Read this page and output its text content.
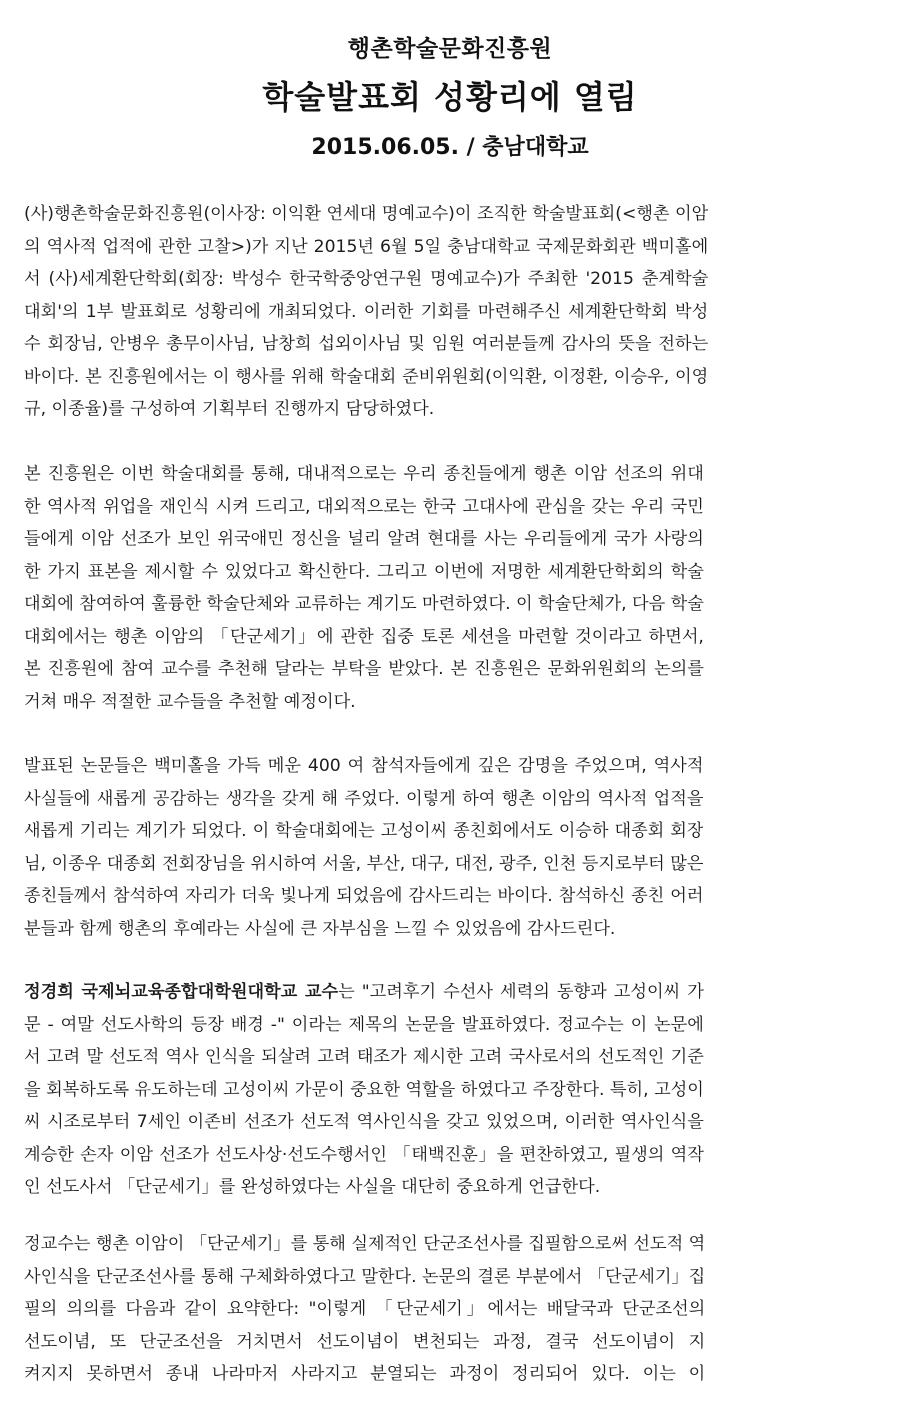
행촌학술문화진흥원
학술발표회 성황리에 열림
2015.06.05. / 충남대학교
(사)행촌학술문화진흥원(이사장: 이익환 연세대 명예교수)이 조직한 학술발표회(<행촌 이암
의 역사적 업적에 관한 고찰>)가 지난 2015년 6월 5일 충남대학교 국제문화회관 백미홀에
서 (사)세계환단학회(회장: 박성수 한국학중앙연구원 명예교수)가 주최한 '2015 춘계학술
대회'의 1부 발표회로 성황리에 개최되었다. 이러한 기회를 마련해주신 세계환단학회 박성
수 회장님, 안병우 총무이사님, 남창희 섭외이사님 및 임원 여러분들께 감사의 뜻을 전하는
바이다. 본 진흥원에서는 이 행사를 위해 학술대회 준비위원회(이익환, 이정환, 이승우, 이영
규, 이종율)를 구성하여 기획부터 진행까지 담당하였다.
본 진흥원은 이번 학술대회를 통해, 대내적으로는 우리 종친들에게 행촌 이암 선조의 위대
한 역사적 위업을 재인식 시켜 드리고, 대외적으로는 한국 고대사에 관심을 갖는 우리 국민
들에게 이암 선조가 보인 위국애민 정신을 널리 알려 현대를 사는 우리들에게 국가 사랑의
한 가지 표본을 제시할 수 있었다고 확신한다. 그리고 이번에 저명한 세계환단학회의 학술
대회에 참여하여 훌륭한 학술단체와 교류하는 계기도 마련하였다. 이 학술단체가, 다음 학술
대회에서는 행촌 이암의 「단군세기」에 관한 집중 토론 세션을 마련할 것이라고 하면서,
본 진흥원에 참여 교수를 추천해 달라는 부탁을 받았다. 본 진흥원은 문화위원회의 논의를
거쳐 매우 적절한 교수들을 추천할 예정이다.
발표된 논문들은 백미홀을 가득 메운 400 여 참석자들에게 깊은 감명을 주었으며, 역사적
사실들에 새롭게 공감하는 생각을 갖게 해 주었다. 이렇게 하여 행촌 이암의 역사적 업적을
새롭게 기리는 계기가 되었다. 이 학술대회에는 고성이씨 종친회에서도 이승하 대종회 회장
님, 이종우 대종회 전회장님을 위시하여 서울, 부산, 대구, 대전, 광주, 인천 등지로부터 많은
종친들께서 참석하여 자리가 더욱 빛나게 되었음에 감사드리는 바이다. 참석하신 종친 어러
분들과 함께 행촌의 후예라는 사실에 큰 자부심을 느낄 수 있었음에 감사드린다.
정경희 국제뇌교육종합대학원대학교 교수는 "고려후기 수선사 세력의 동향과 고성이씨 가
문 - 여말 선도사학의 등장 배경 -" 이라는 제목의 논문을 발표하였다. 정교수는 이 논문에
서 고려 말 선도적 역사 인식을 되살려 고려 태조가 제시한 고려 국사로서의 선도적인 기준
을 회복하도록 유도하는데 고성이씨 가문이 중요한 역할을 하였다고 주장한다. 특히, 고성이
씨 시조로부터 7세인 이존비 선조가 선도적 역사인식을 갖고 있었으며, 이러한 역사인식을
계승한 손자 이암 선조가 선도사상·선도수행서인 「태백진훈」을 편찬하였고, 필생의 역작
인 선도사서 「단군세기」를 완성하였다는 사실을 대단히 중요하게 언급한다.
정교수는 행촌 이암이 「단군세기」를 통해 실제적인 단군조선사를 집필함으로써 선도적 역
사인식을 단군조선사를 통해 구체화하였다고 말한다. 논문의 결론 부분에서 「단군세기」집
필의 의의를 다음과 같이 요약한다: "이렇게 「단군세기」에서는 배달국과 단군조선의
선도이념, 또 단군조선을 거치면서 선도이념이 변천되는 과정, 결국 선도이념이 지
켜지지 못하면서 종내 나라마저 사라지고 분열되는 과정이 정리되어 있다. 이는 이
